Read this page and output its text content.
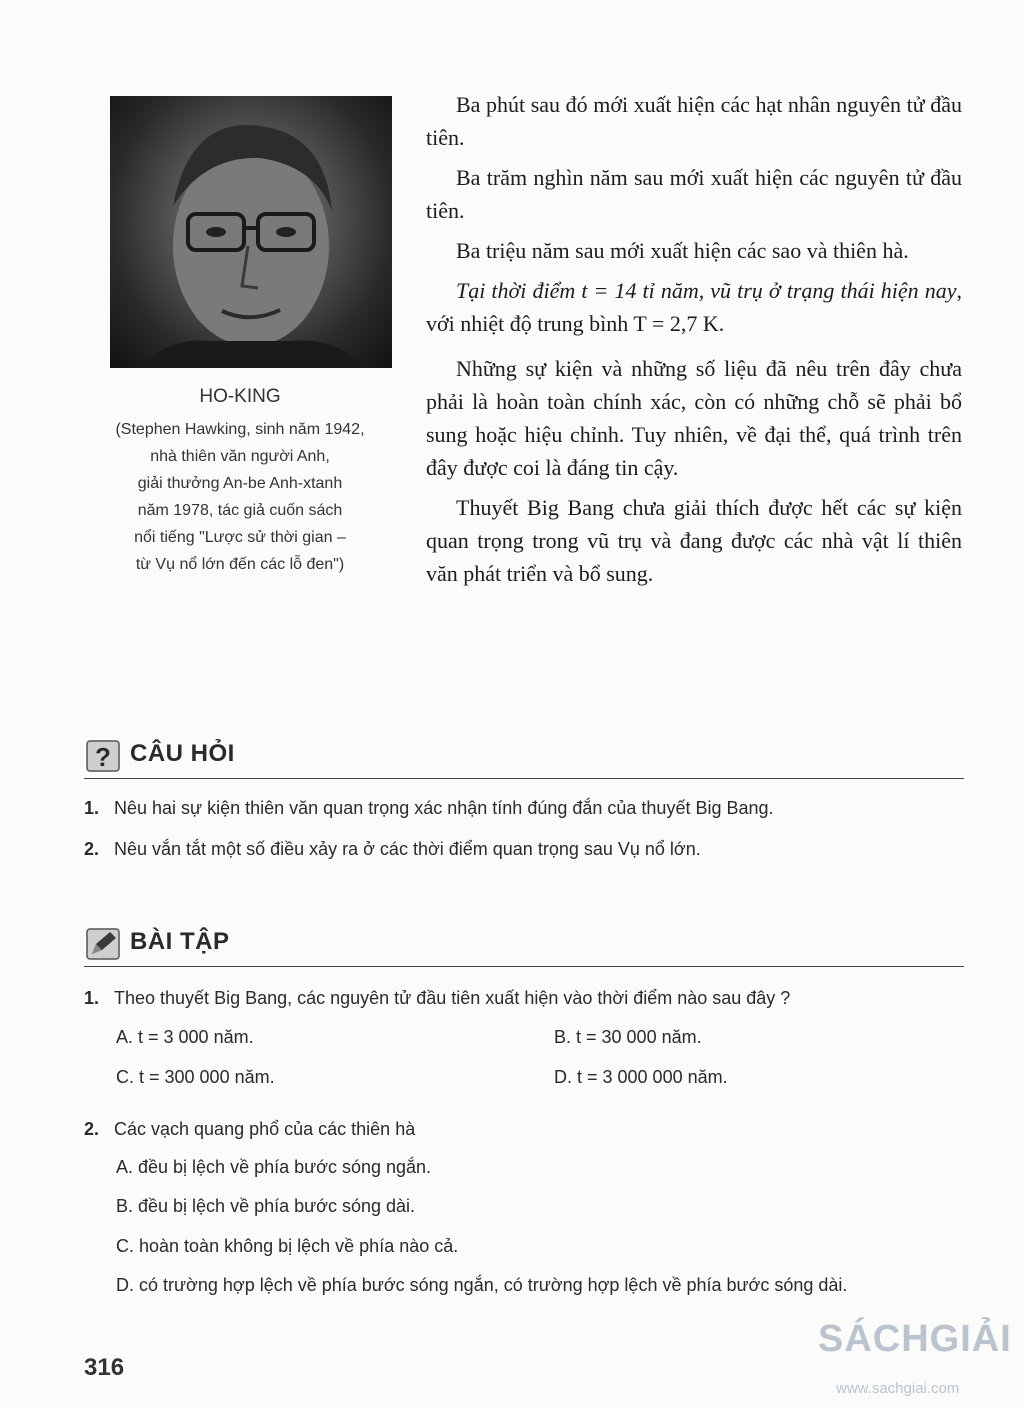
HO-KING
(Stephen Hawking, sinh năm 1942,
nhà thiên văn người Anh,
giải thưởng An-be Anh-xtanh
năm 1978, tác giả cuốn sách
nổi tiếng "Lược sử thời gian –
từ Vụ nổ lớn đến các lỗ đen")

Ba phút sau đó mới xuất hiện các hạt nhân nguyên tử đầu tiên.

Ba trăm nghìn năm sau mới xuất hiện các nguyên tử đầu tiên.

Ba triệu năm sau mới xuất hiện các sao và thiên hà.

Tại thời điểm t = 14 tỉ năm, vũ trụ ở trạng thái hiện nay, với nhiệt độ trung bình T = 2,7 K.

Những sự kiện và những số liệu đã nêu trên đây chưa phải là hoàn toàn chính xác, còn có những chỗ sẽ phải bổ sung hoặc hiệu chỉnh. Tuy nhiên, về đại thể, quá trình trên đây được coi là đáng tin cậy.

Thuyết Big Bang chưa giải thích được hết các sự kiện quan trọng trong vũ trụ và đang được các nhà vật lí thiên văn phát triển và bổ sung.

? CÂU HỎI
1. Nêu hai sự kiện thiên văn quan trọng xác nhận tính đúng đắn của thuyết Big Bang.
2. Nêu vắn tắt một số điều xảy ra ở các thời điểm quan trọng sau Vụ nổ lớn.
BÀI TẬP
1. Theo thuyết Big Bang, các nguyên tử đầu tiên xuất hiện vào thời điểm nào sau đây ?
A. t = 3 000 năm.	B. t = 30 000 năm.
C. t = 300 000 năm.	D. t = 3 000 000 năm.
2. Các vạch quang phổ của các thiên hà
A. đều bị lệch về phía bước sóng ngắn.
B. đều bị lệch về phía bước sóng dài.
C. hoàn toàn không bị lệch về phía nào cả.
D. có trường hợp lệch về phía bước sóng ngắn, có trường hợp lệch về phía bước sóng dài.
316
SÁCHGIẢI
www.sachgiai.com
